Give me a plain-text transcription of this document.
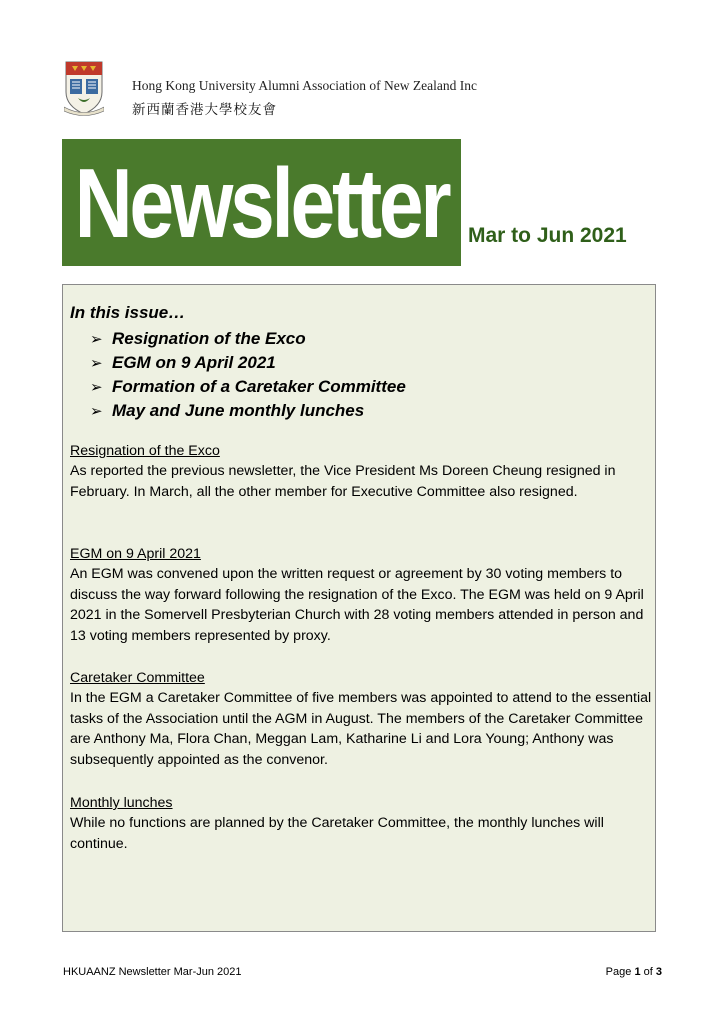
Hong Kong University Alumni Association of New Zealand Inc
新西蘭香港大學校友會
Newsletter Mar to Jun 2021
In this issue…
➢ Resignation of the Exco
➢ EGM on 9 April 2021
➢ Formation of a Caretaker Committee
➢ May and June monthly lunches
Resignation of the Exco

As reported the previous newsletter, the Vice President Ms Doreen Cheung resigned in February. In March, all the other member for Executive Committee also resigned.

EGM on 9 April 2021

An EGM was convened upon the written request or agreement by 30 voting members to discuss the way forward following the resignation of the Exco. The EGM was held on 9 April 2021 in the Somervell Presbyterian Church with 28 voting members attended in person and 13 voting members represented by proxy.

Caretaker Committee

In the EGM a Caretaker Committee of five members was appointed to attend to the essential tasks of the Association until the AGM in August. The members of the Caretaker Committee are Anthony Ma, Flora Chan, Meggan Lam, Katharine Li and Lora Young; Anthony was subsequently appointed as the convenor.

Monthly lunches

While no functions are planned by the Caretaker Committee, the monthly lunches will continue.

HKUAANZ Newsletter Mar-Jun 2021	Page 1 of 3
